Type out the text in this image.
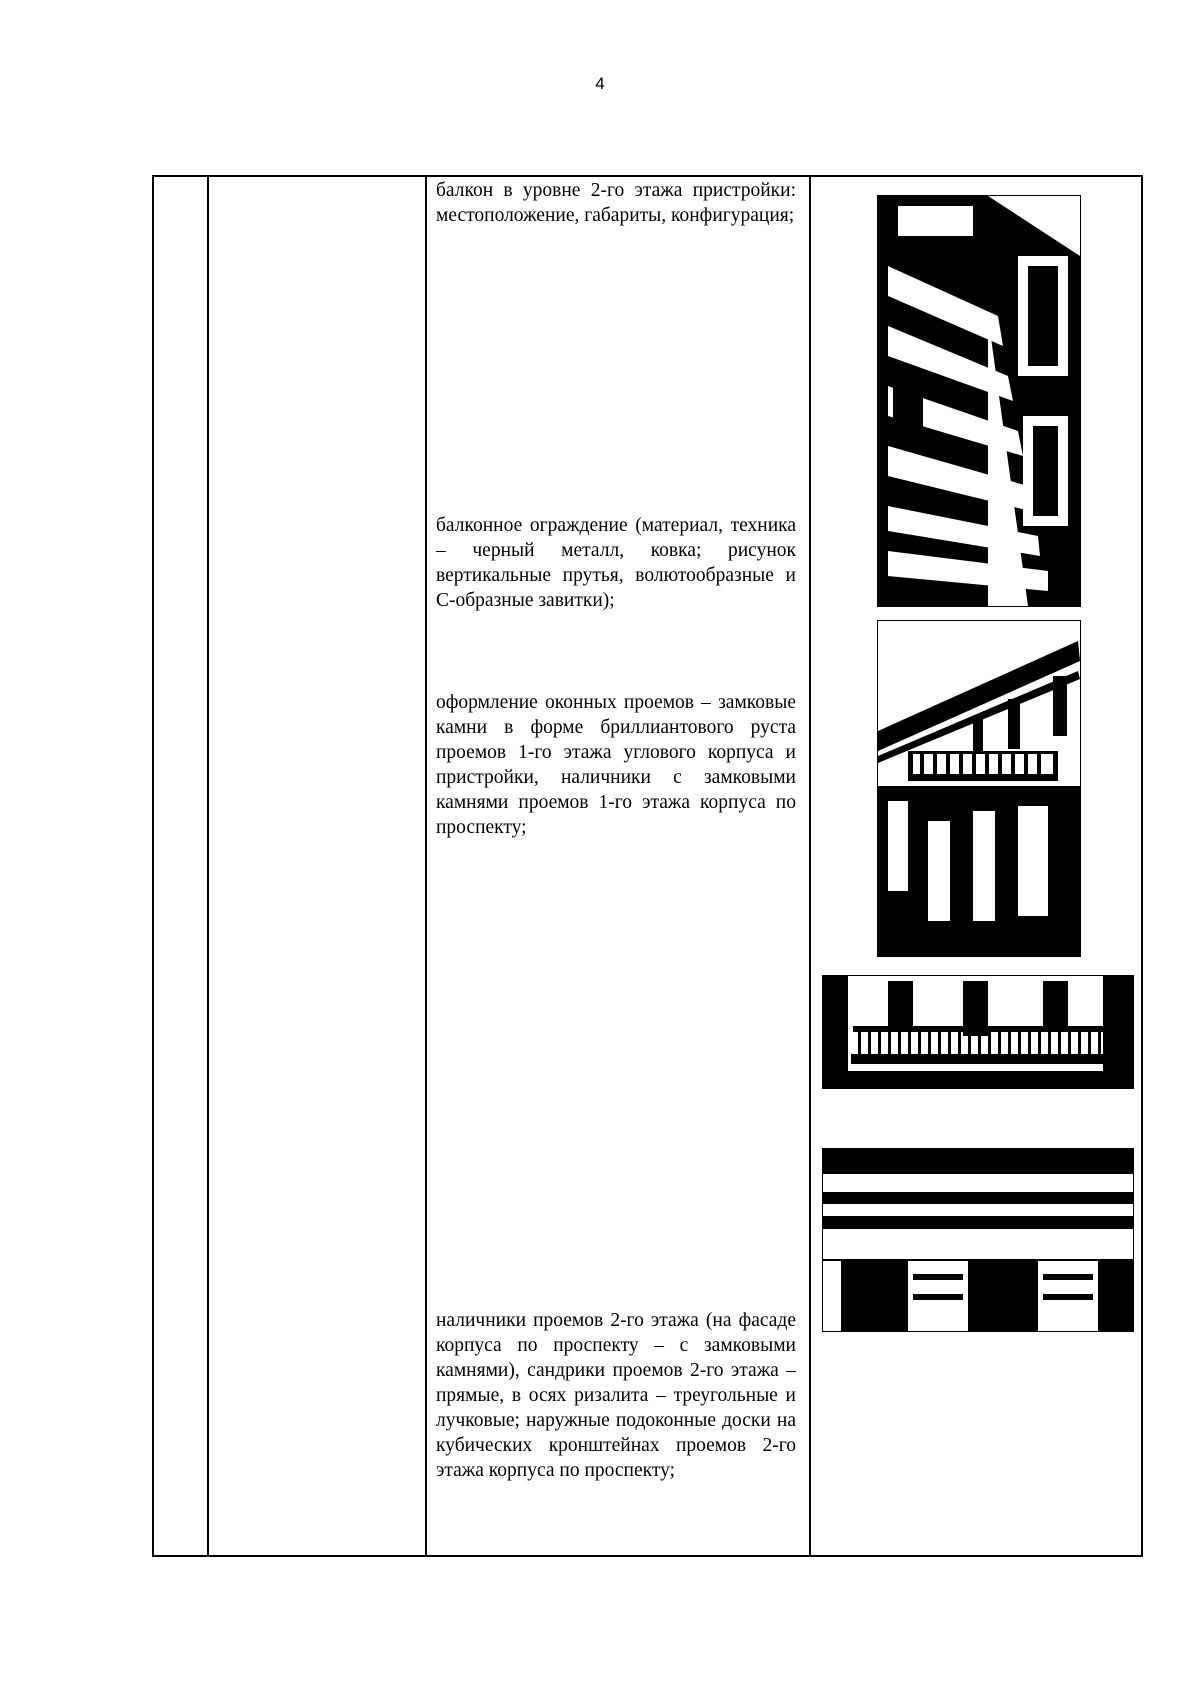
4
балкон в уровне 2-го этажа пристройки: местоположение, габариты, конфигурация;
балконное ограждение (материал, техника – черный металл, ковка; рисунок вертикальные прутья, волютообразные и С-образные завитки);
оформление оконных проемов – замковые камни в форме бриллиантового руста проемов 1-го этажа углового корпуса и пристройки, наличники с замковыми камнями проемов 1-го этажа корпуса по проспекту;
наличники проемов 2-го этажа (на фасаде корпуса по проспекту – с замковыми камнями), сандрики проемов 2-го этажа – прямые, в осях ризалита – треугольные и лучковые; наружные подоконные доски на кубических кронштейнах проемов 2-го этажа корпуса по проспекту;
